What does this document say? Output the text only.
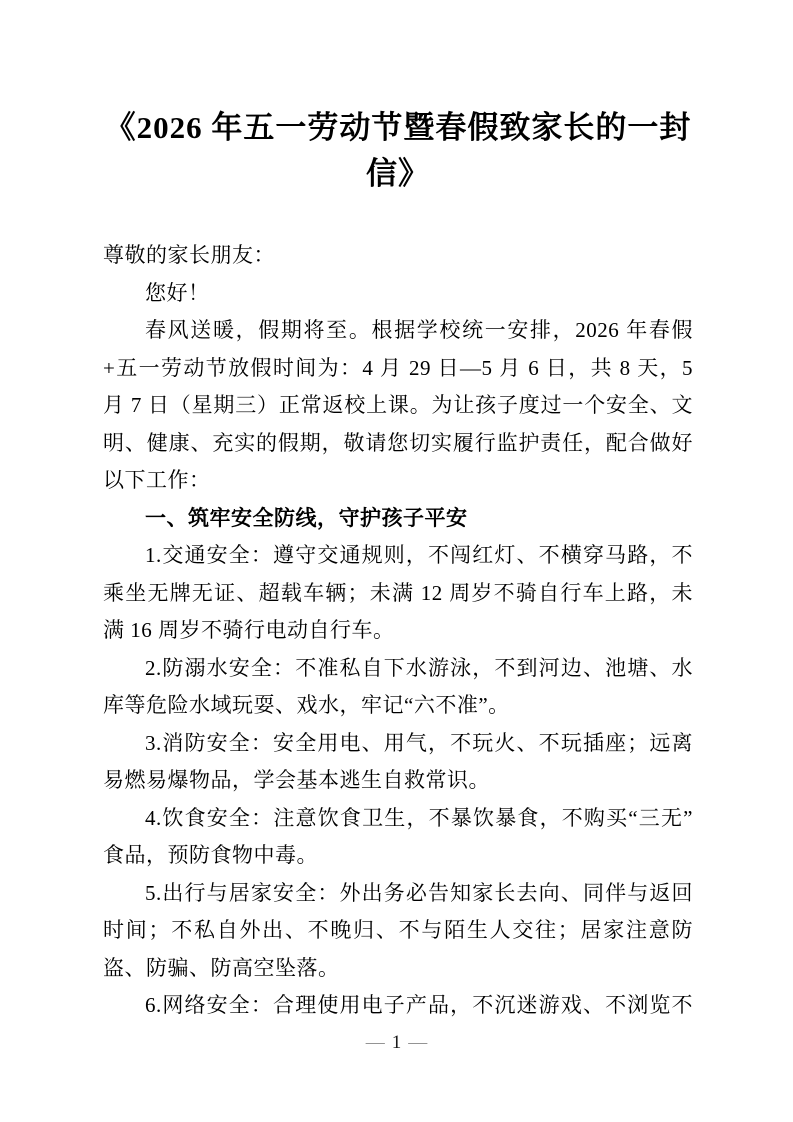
《2026 年五一劳动节暨春假致家长的一封信》

尊敬的家长朋友：

您好！

春风送暖，假期将至。根据学校统一安排，2026 年春假+五一劳动节放假时间为：4 月 29 日—5 月 6 日，共 8 天，5 月 7 日（星期三）正常返校上课。为让孩子度过一个安全、文明、健康、充实的假期，敬请您切实履行监护责任，配合做好以下工作：

一、筑牢安全防线，守护孩子平安

1.交通安全：遵守交通规则，不闯红灯、不横穿马路，不乘坐无牌无证、超载车辆；未满 12 周岁不骑自行车上路，未满 16 周岁不骑行电动自行车。

2.防溺水安全：不准私自下水游泳，不到河边、池塘、水库等危险水域玩耍、戏水，牢记“六不准”。

3.消防安全：安全用电、用气，不玩火、不玩插座；远离易燃易爆物品，学会基本逃生自救常识。

4.饮食安全：注意饮食卫生，不暴饮暴食，不购买“三无”食品，预防食物中毒。

5.出行与居家安全：外出务必告知家长去向、同伴与返回时间；不私自外出、不晚归、不与陌生人交往；居家注意防盗、防骗、防高空坠落。

6.网络安全：合理使用电子产品，不沉迷游戏、不浏览不

— 1 —
